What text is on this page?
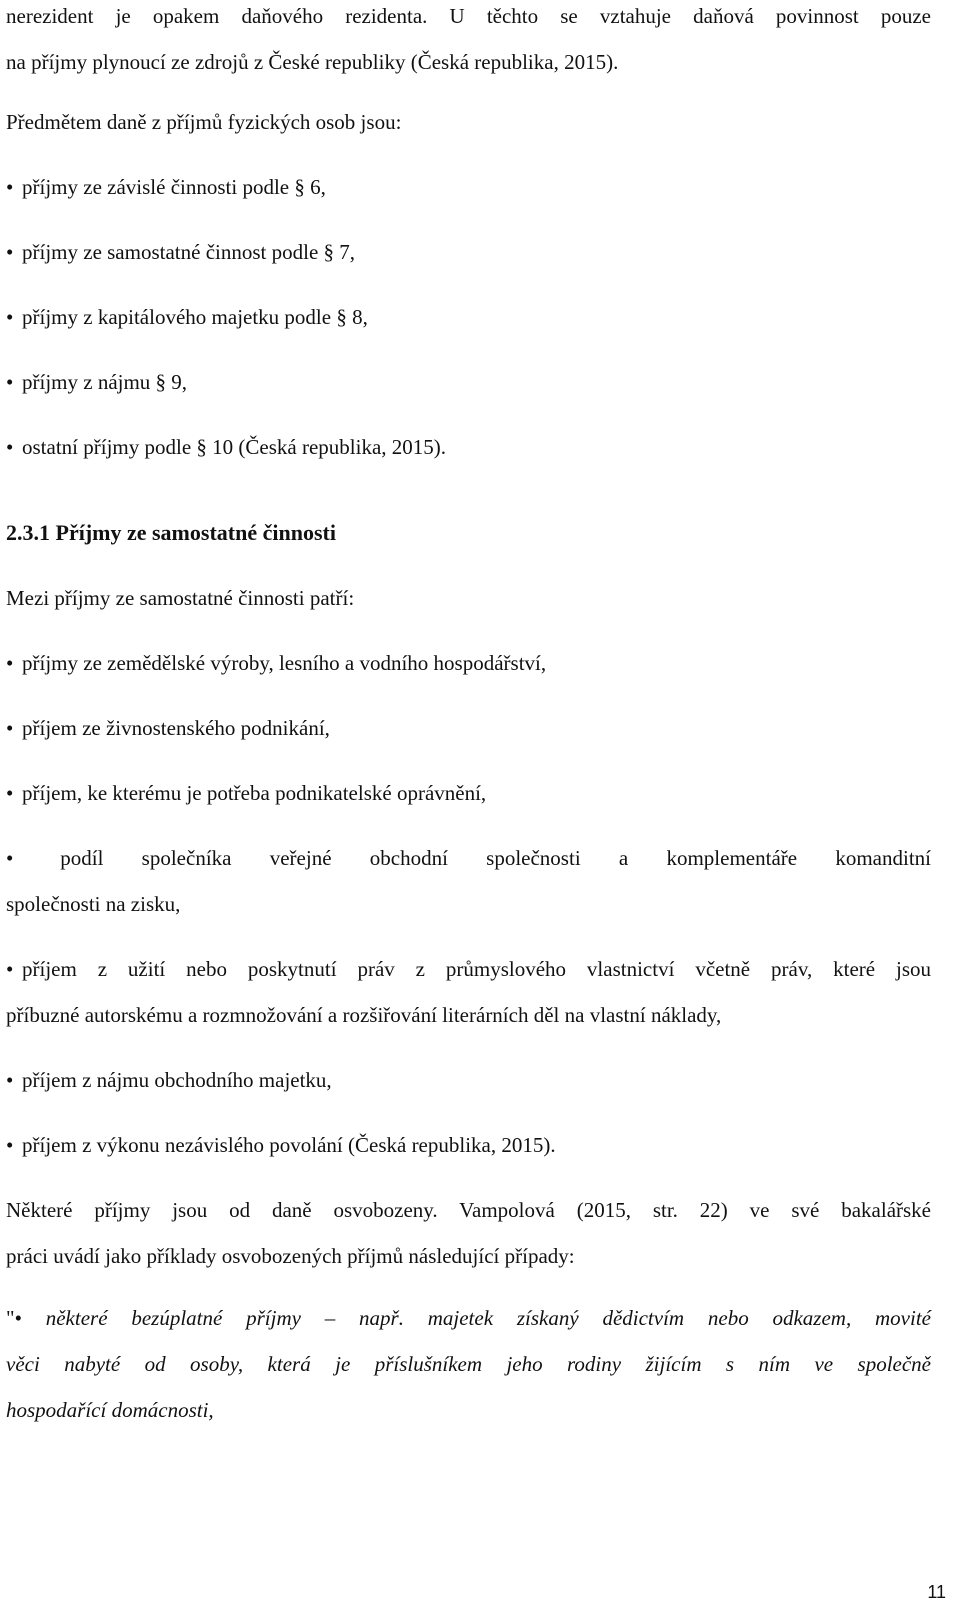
nerezident je opakem daňového rezidenta. U těchto se vztahuje daňová povinnost pouze

na příjmy plynoucí ze zdrojů z České republiky (Česká republika, 2015).

Předmětem daně z příjmů fyzických osob jsou:

• příjmy ze závislé činnosti podle § 6,

• příjmy ze samostatné činnost podle § 7,

• příjmy z kapitálového majetku podle § 8,

• příjmy z nájmu § 9,

• ostatní příjmy podle § 10 (Česká republika, 2015).

2.3.1 Příjmy ze samostatné činnosti

Mezi příjmy ze samostatné činnosti patří:

• příjmy ze zemědělské výroby, lesního a vodního hospodářství,

• příjem ze živnostenského podnikání,

• příjem, ke kterému je potřeba podnikatelské oprávnění,

• podíl společníka veřejné obchodní společnosti a komplementáře komanditní

společnosti na zisku,

• příjem z užití nebo poskytnutí práv z průmyslového vlastnictví včetně práv, které jsou

příbuzné autorskému a rozmnožování a rozšiřování literárních děl na vlastní náklady,

• příjem z nájmu obchodního majetku,

• příjem z výkonu nezávislého povolání (Česká republika, 2015).

Některé příjmy jsou od daně osvobozeny. Vampolová (2015, str. 22) ve své bakalářské

práci uvádí jako příklady osvobozených příjmů následující případy:

"• některé bezúplatné příjmy – např. majetek získaný dědictvím nebo odkazem, movité

věci nabyté od osoby, která je příslušníkem jeho rodiny žijícím s ním ve společně

hospodařící domácnosti,

11
